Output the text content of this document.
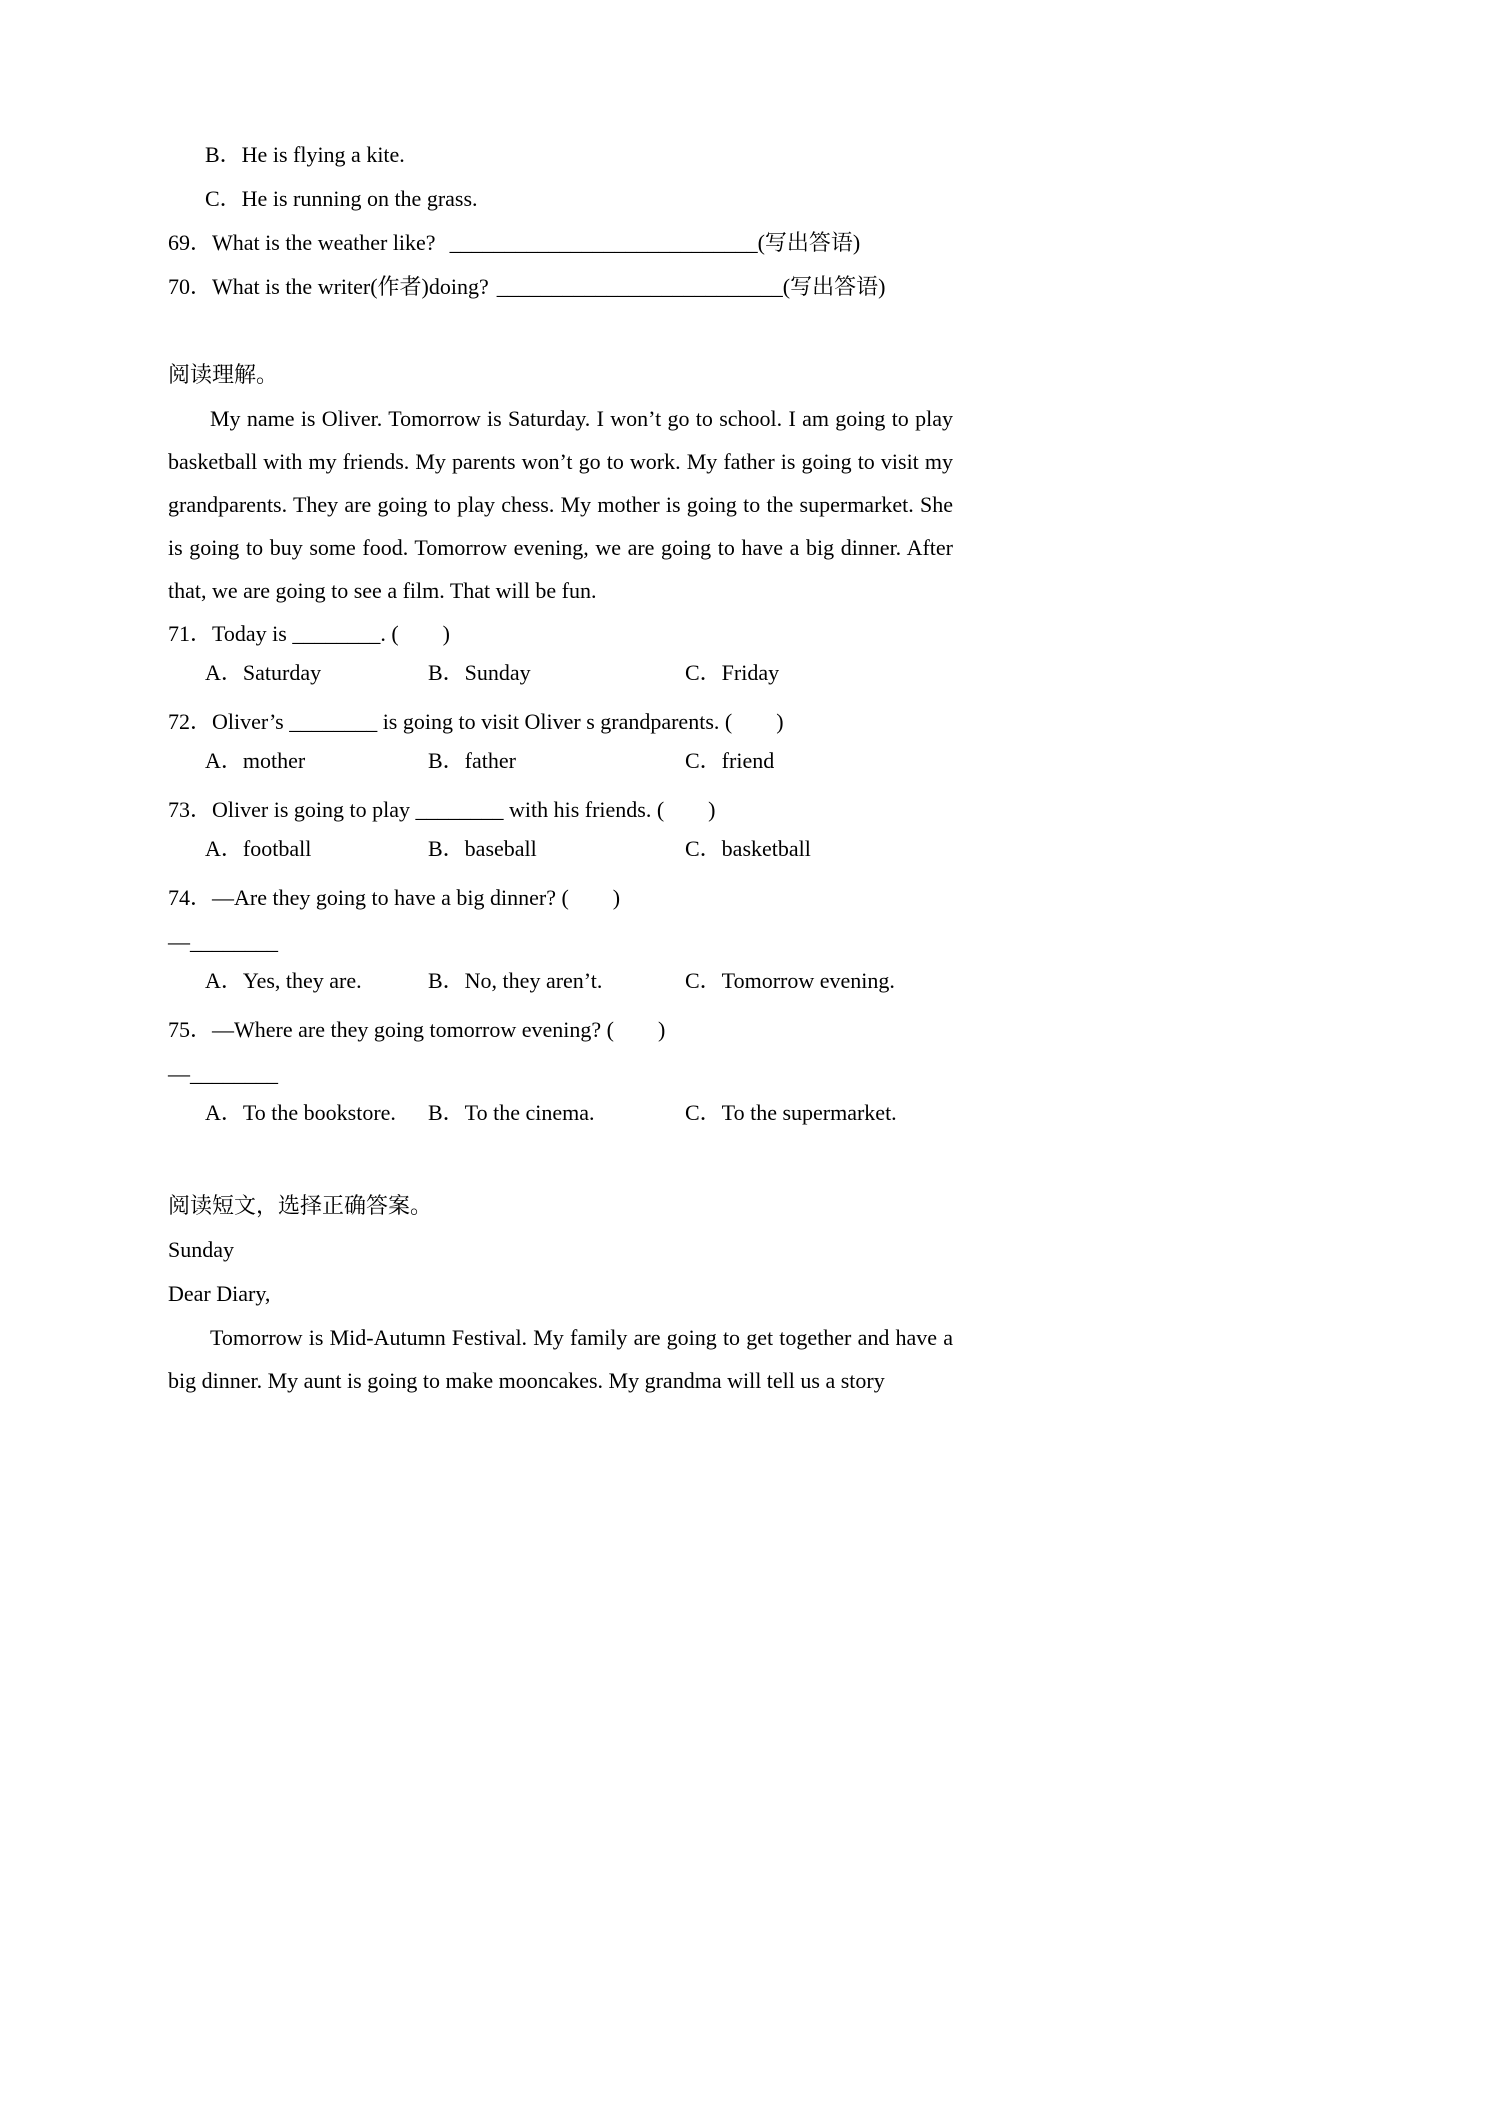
B．He is flying a kite.
C．He is running on the grass.
69．What is the weather like? ____________________________(写出答语)
70．What is the writer(作者)doing? __________________________(写出答语)
阅读理解。

My name is Oliver. Tomorrow is Saturday. I won’t go to school. I am going to play basketball with my friends. My parents won’t go to work. My father is going to visit my grandparents. They are going to play chess. My mother is going to the supermarket. She is going to buy some food. Tomorrow evening, we are going to have a big dinner. After that, we are going to see a film. That will be fun.

71．Today is ________. (　　)
A．Saturday	B．Sunday	C．Friday
72．Oliver’s ________ is going to visit Oliver s grandparents. (　　)
A．mother	B．father	C．friend
73．Oliver is going to play ________ with his friends. (　　)
A．football	B．baseball	C．basketball
74．—Are they going to have a big dinner? (　　)
—________
A．Yes, they are.	B．No, they aren’t.	C．Tomorrow evening.
75．—Where are they going tomorrow evening? (　　)
—________
A．To the bookstore. B．To the cinema.	C．To the supermarket.
阅读短文，选择正确答案。
Sunday
Dear Diary,

Tomorrow is Mid-Autumn Festival. My family are going to get together and have a big dinner. My aunt is going to make mooncakes. My grandma will tell us a story
